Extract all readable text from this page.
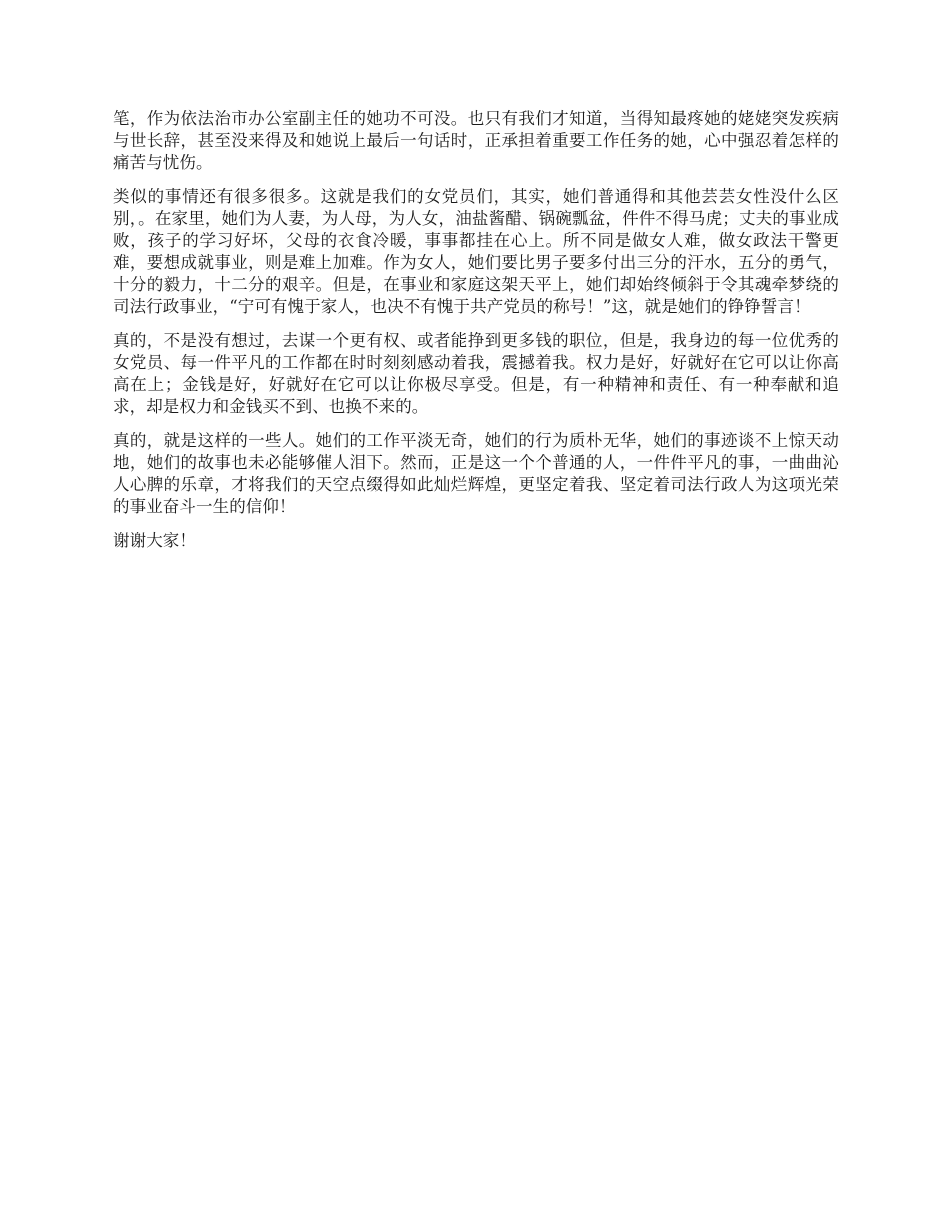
笔，作为依法治市办公室副主任的她功不可没。也只有我们才知道，当得知最疼她的姥姥突发疾病与世长辞，甚至没来得及和她说上最后一句话时，正承担着重要工作任务的她，心中强忍着怎样的痛苦与忧伤。

类似的事情还有很多很多。这就是我们的女党员们，其实，她们普通得和其他芸芸女性没什么区别，。在家里，她们为人妻，为人母，为人女，油盐酱醋、锅碗瓢盆，件件不得马虎；丈夫的事业成败，孩子的学习好坏，父母的衣食冷暖，事事都挂在心上。所不同是做女人难，做女政法干警更难，要想成就事业，则是难上加难。作为女人，她们要比男子要多付出三分的汗水，五分的勇气，十分的毅力，十二分的艰辛。但是，在事业和家庭这架天平上，她们却始终倾斜于令其魂牵梦绕的司法行政事业，“宁可有愧于家人，也决不有愧于共产党员的称号！”这，就是她们的铮铮誓言！

真的，不是没有想过，去谋一个更有权、或者能挣到更多钱的职位，但是，我身边的每一位优秀的女党员、每一件平凡的工作都在时时刻刻感动着我，震撼着我。权力是好，好就好在它可以让你高高在上；金钱是好，好就好在它可以让你极尽享受。但是，有一种精神和责任、有一种奉献和追求，却是权力和金钱买不到、也换不来的。

真的，就是这样的一些人。她们的工作平淡无奇，她们的行为质朴无华，她们的事迹谈不上惊天动地，她们的故事也未必能够催人泪下。然而，正是这一个个普通的人，一件件平凡的事，一曲曲沁人心脾的乐章，才将我们的天空点缀得如此灿烂辉煌，更坚定着我、坚定着司法行政人为这项光荣的事业奋斗一生的信仰！

谢谢大家！
